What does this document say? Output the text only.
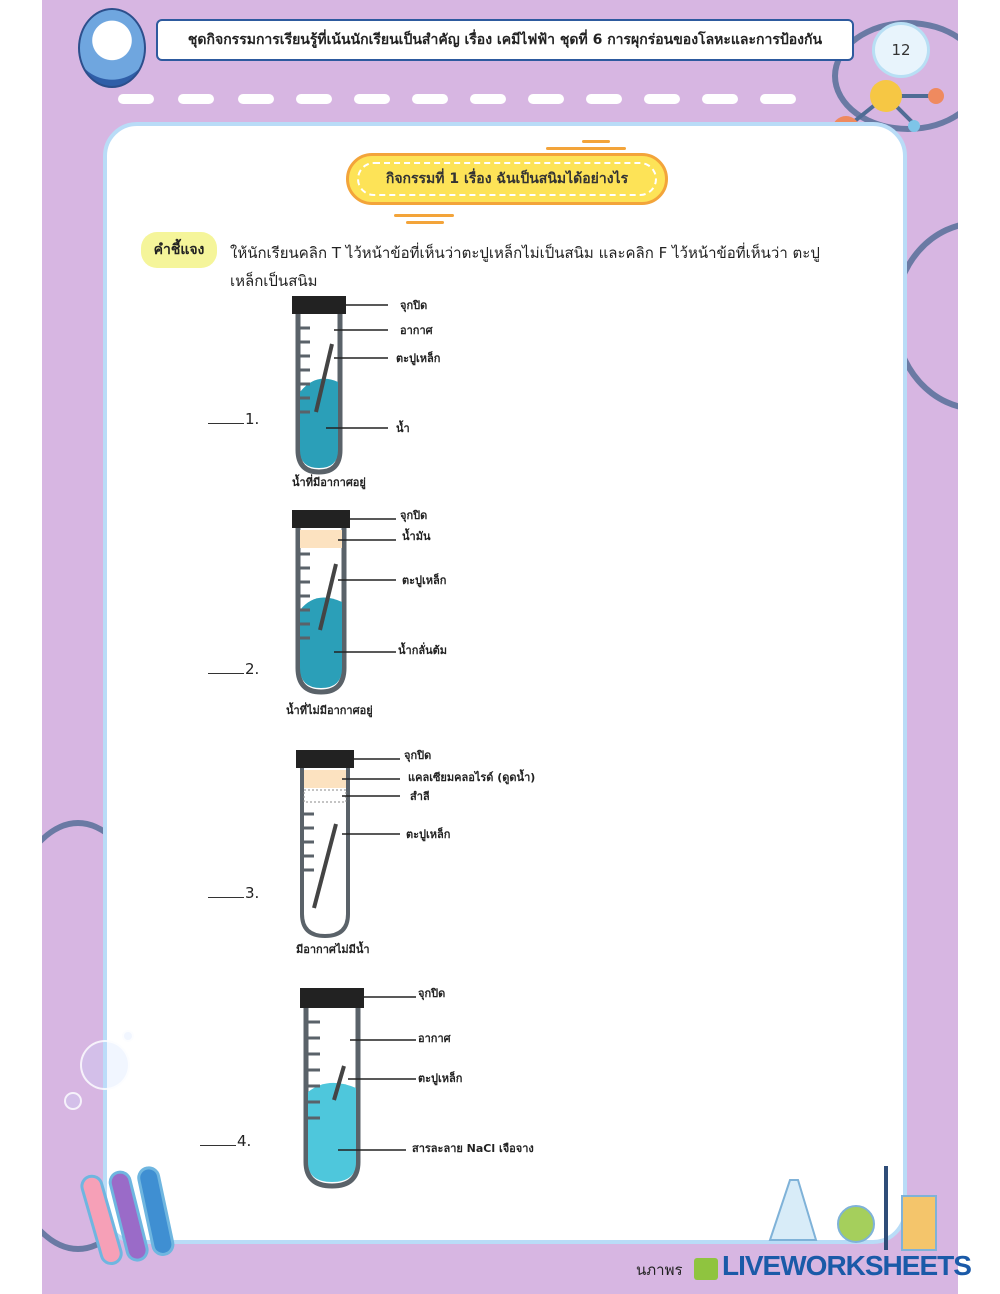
ชุดกิจกรรมการเรียนรู้ที่เน้นนักเรียนเป็นสำคัญ เรื่อง เคมีไฟฟ้า ชุดที่ 6 การผุกร่อนของโลหะและการป้องกัน
12
กิจกรรมที่ 1 เรื่อง ฉันเป็นสนิมได้อย่างไร
คำชี้แจง ให้นักเรียนคลิก T ไว้หน้าข้อที่เห็นว่าตะปูเหล็กไม่เป็นสนิม และคลิก F ไว้หน้าข้อที่เห็นว่า ตะปูเหล็กเป็นสนิม
1.
จุกปิด
อากาศ
ตะปูเหล็ก
น้ำ
น้ำที่มีอากาศอยู่
2.
จุกปิด
น้ำมัน
ตะปูเหล็ก
น้ำกลั่นต้ม
น้ำที่ไม่มีอากาศอยู่
3.
จุกปิด
แคลเซียมคลอไรด์ (ดูดน้ำ)
สำลี
ตะปูเหล็ก
มีอากาศไม่มีน้ำ
4.
จุกปิด
อากาศ
ตะปูเหล็ก
สารละลาย NaCl เจือจาง
นภาพร LIVEWORKSHEETS
